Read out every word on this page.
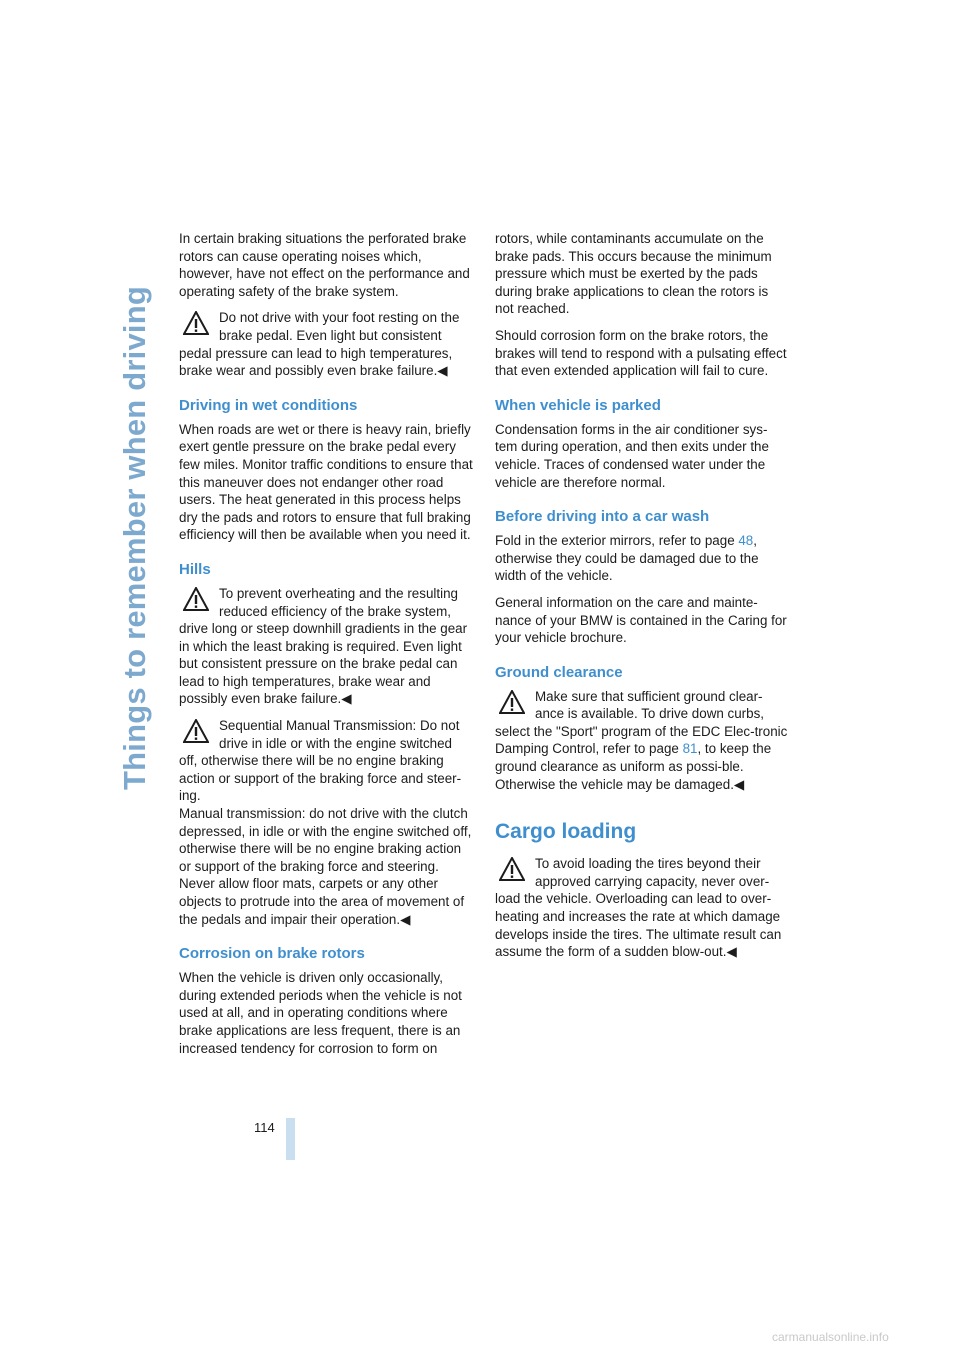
Things to remember when driving

In certain braking situations the perforated brake rotors can cause operating noises which, however, have not effect on the performance and operating safety of the brake system.

Do not drive with your foot resting on the brake pedal. Even light but consistent pedal pressure can lead to high temperatures, brake wear and possibly even brake failure.◀
Driving in wet conditions

When roads are wet or there is heavy rain, briefly exert gentle pressure on the brake pedal every few miles. Monitor traffic conditions to ensure that this maneuver does not endanger other road users. The heat generated in this process helps dry the pads and rotors to ensure that full braking efficiency will then be available when you need it.

Hills
To prevent overheating and the resulting reduced efficiency of the brake system, drive long or steep downhill gradients in the gear in which the least braking is required. Even light but consistent pressure on the brake pedal can lead to high temperatures, brake wear and possibly even brake failure.◀
Sequential Manual Transmission: Do not drive in idle or with the engine switched off, otherwise there will be no engine braking action or support of the braking force and steer-ing.

Manual transmission: do not drive with the clutch depressed, in idle or with the engine switched off, otherwise there will be no engine braking action or support of the braking force and steering.

Never allow floor mats, carpets or any other objects to protrude into the area of movement of the pedals and impair their operation.◀

Corrosion on brake rotors

When the vehicle is driven only occasionally, during extended periods when the vehicle is not used at all, and in operating conditions where brake applications are less frequent, there is an increased tendency for corrosion to form on

rotors, while contaminants accumulate on the brake pads. This occurs because the minimum pressure which must be exerted by the pads during brake applications to clean the rotors is not reached.

Should corrosion form on the brake rotors, the brakes will tend to respond with a pulsating effect that even extended application will fail to cure.

When vehicle is parked

Condensation forms in the air conditioner sys-tem during operation, and then exits under the vehicle. Traces of condensed water under the vehicle are therefore normal.

Before driving into a car wash

Fold in the exterior mirrors, refer to page 48, otherwise they could be damaged due to the width of the vehicle.

General information on the care and mainte-nance of your BMW is contained in the Caring for your vehicle brochure.

Ground clearance
Make sure that sufficient ground clear-ance is available. To drive down curbs, select the "Sport" program of the EDC Elec-tronic Damping Control, refer to page 81, to keep the ground clearance as uniform as possi-ble. Otherwise the vehicle may be damaged.◀
Cargo loading
To avoid loading the tires beyond their approved carrying capacity, never over-load the vehicle. Overloading can lead to over-heating and increases the rate at which damage develops inside the tires. The ultimate result can assume the form of a sudden blow-out.◀
114
carmanualsonline.info
